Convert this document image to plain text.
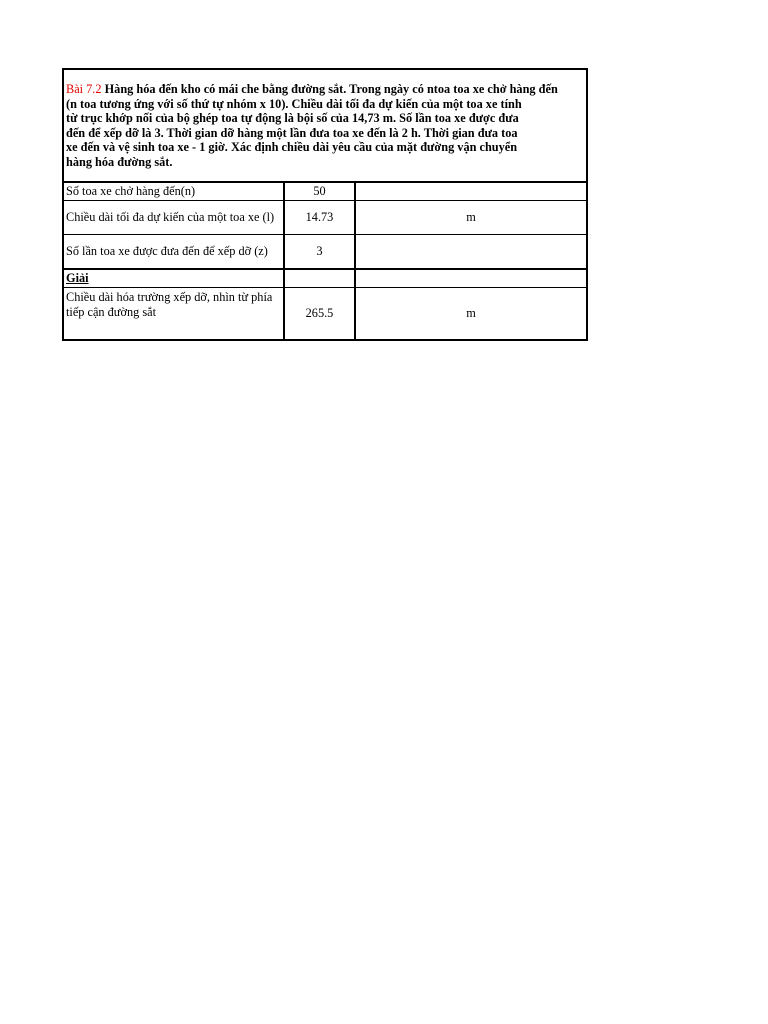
Bài 7.2 Hàng hóa đến kho có mái che bằng đường sắt. Trong ngày có ntoa toa xe chở hàng đến
(n toa tương ứng với số thứ tự nhóm x 10). Chiều dài tối đa dự kiến của một toa xe tính
từ trục khớp nối của bộ ghép toa tự động là bội số của 14,73 m. Số lần toa xe được đưa
đến để xếp dỡ là 3. Thời gian dỡ hàng một lần đưa toa xe đến là 2 h. Thời gian đưa toa
xe đến và vệ sinh toa xe - 1 giờ. Xác định chiều dài yêu cầu của mặt đường vận chuyển
hàng hóa đường sắt.
Số toa xe chở hàng đến(n)	50	
Chiều dài tối đa dự kiến của một toa xe (l)	14.73	m
Số lần toa xe được đưa đến để xếp dỡ (z)	3	
Giải		
Chiều dài hóa trường xếp dỡ, nhìn từ phía tiếp cận đường sắt	265.5	m
